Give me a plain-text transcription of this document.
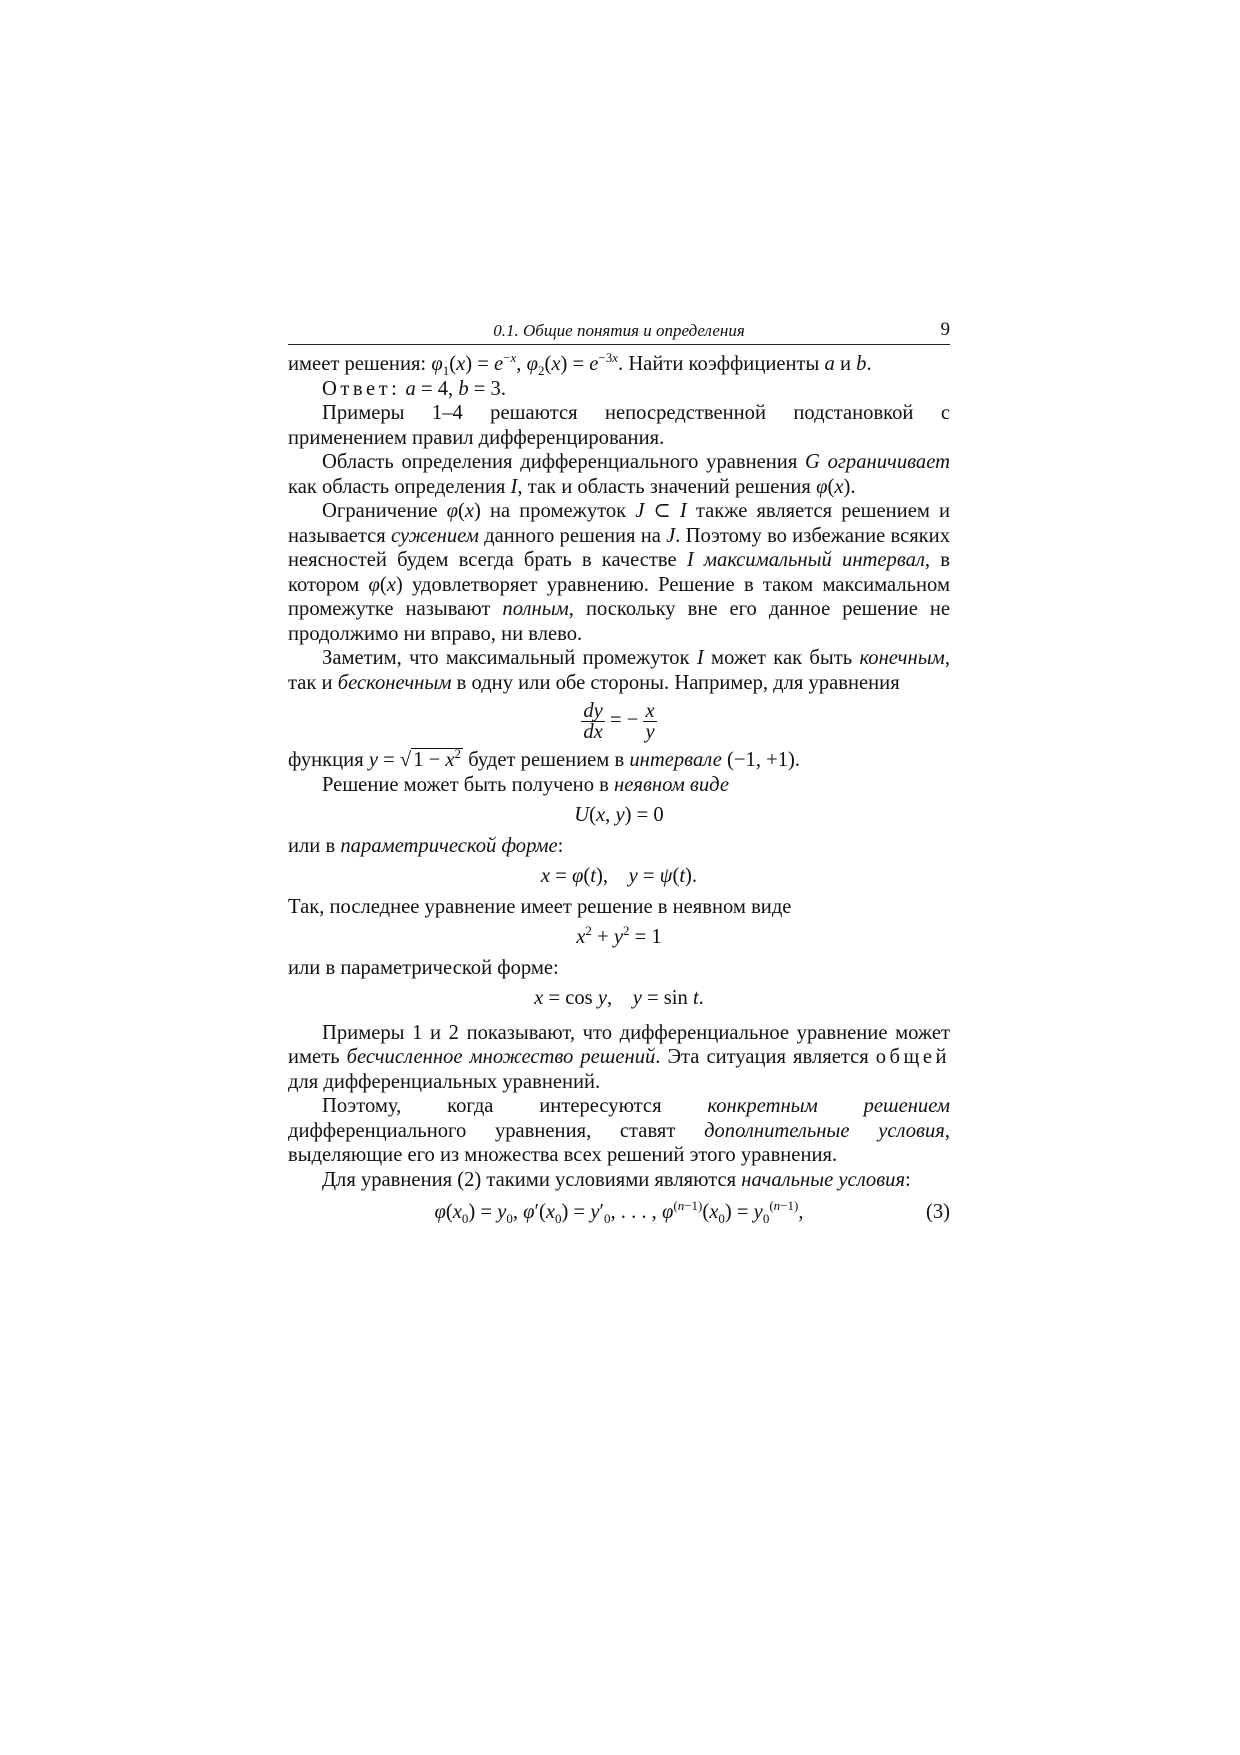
0.1. Общие понятия и определения	9

имеет решения: $\varphi_1(x) = e^{-x}$, $\varphi_2(x) = e^{-3x}$. Найти коэффициенты a и b.

Ответ: a = 4, b = 3.

Примеры 1–4 решаются непосредственной подстановкой с применением правил дифференцирования.

Область определения дифференциального уравнения G ограничивает как область определения I, так и область значений решения φ(x).

Ограничение φ(x) на промежуток J ⊂ I также является решением и называется сужением данного решения на J. Поэтому во избежание всяких неясностей будем всегда брать в качестве I максимальный интервал, в котором φ(x) удовлетворяет уравнению. Решение в таком максимальном промежутке называют полным, поскольку вне его данное решение не продолжимо ни вправо, ни влево.

Заметим, что максимальный промежуток I может как быть конечным, так и бесконечным в одну или обе стороны. Например, для уравнения

$\frac{dy}{dx}$ = − $\frac{x}{y}$

функция $y = √1 - x^2$ будет решением в интервале (−1, +1).

Решение может быть получено в неявном виде

U(x, y) = 0

или в параметрической форме:

x = φ(t),    y = ψ(t).

Так, последнее уравнение имеет решение в неявном виде

$x^2 + y^2 = 1$

или в параметрической форме:

x = cos y,    y = sin t.

Примеры 1 и 2 показывают, что дифференциальное уравнение может иметь бесчисленное множество решений. Эта ситуация является общей для дифференциальных уравнений.

Поэтому, когда интересуются конкретным решением дифференциального уравнения, ставят дополнительные условия, выделяющие его из множества всех решений этого уравнения.

Для уравнения (2) такими условиями являются начальные условия:

$\varphi(x_0) = y_0$, $\varphi'(x_0) = y'_0$, . . . , $\varphi^{(n-1)}(x_0) = y_0^{(n-1)}$,	(3)
